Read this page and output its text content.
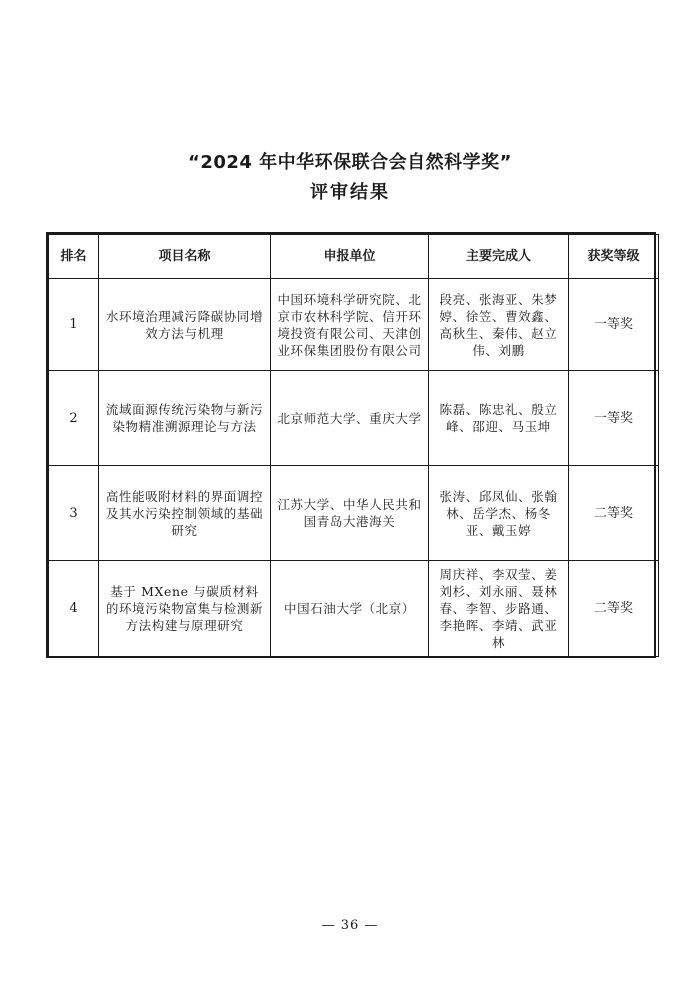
“2024 年中华环保联合会自然科学奖”
评审结果
排名	项目名称	申报单位	主要完成人	获奖等级
1	水环境治理减污降碳协同增效方法与机理	中国环境科学研究院、北京市农林科学院、信开环境投资有限公司、天津创业环保集团股份有限公司	段亮、张海亚、朱梦婷、徐笠、曹效鑫、高秋生、秦伟、赵立伟、刘鹏	一等奖
2	流域面源传统污染物与新污染物精准溯源理论与方法	北京师范大学、重庆大学	陈磊、陈忠礼、殷立峰、邵迎、马玉坤	一等奖
3	高性能吸附材料的界面调控及其水污染控制领域的基础研究	江苏大学、中华人民共和国青岛大港海关	张涛、邱凤仙、张翰林、岳学杰、杨冬亚、戴玉婷	二等奖
4	基于 MXene 与碳质材料的环境污染物富集与检测新方法构建与原理研究	中国石油大学（北京）	周庆祥、李双莹、姜刘杉、刘永丽、聂林春、李智、步路通、李艳晖、李靖、武亚林	二等奖
— 36 —
